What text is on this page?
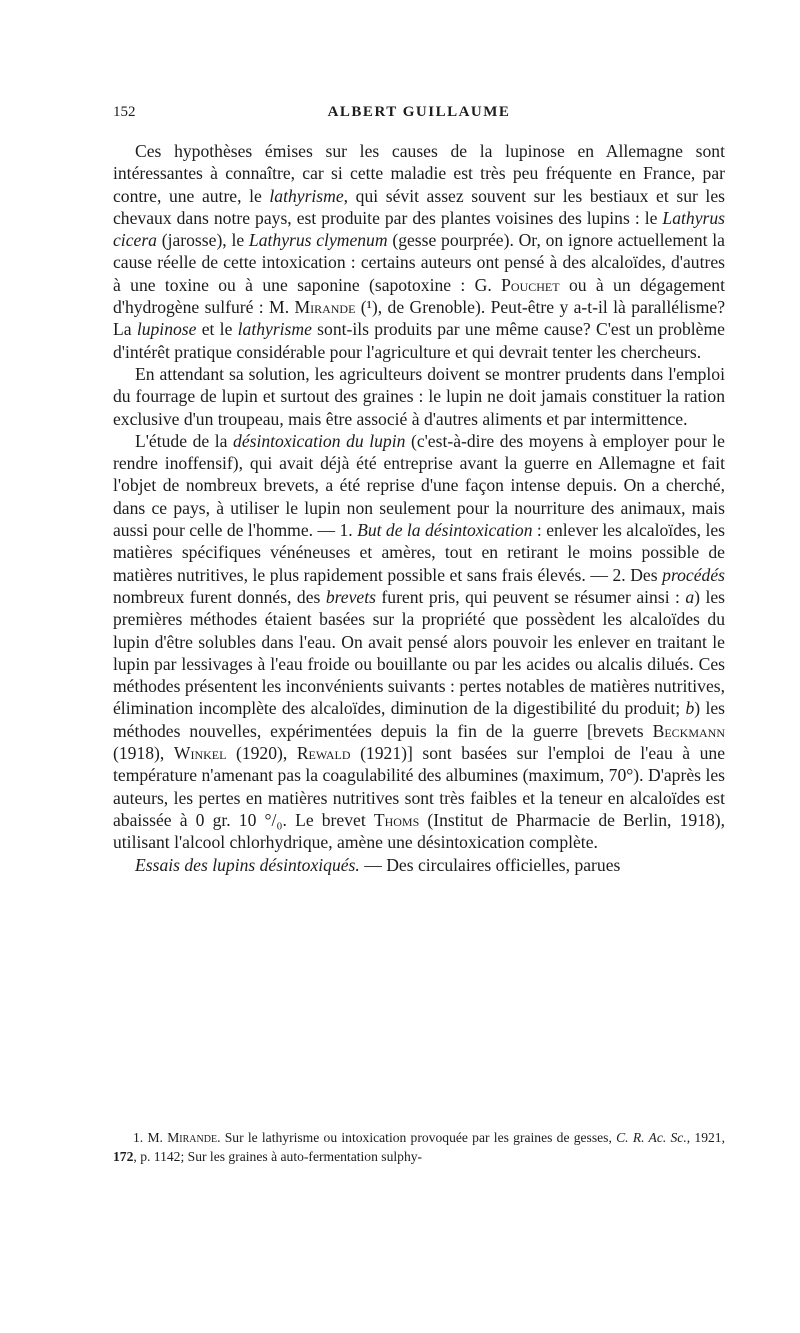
152	ALBERT GUILLAUME

Ces hypothèses émises sur les causes de la lupinose en Allemagne sont intéressantes à connaître, car si cette maladie est très peu fréquente en France, par contre, une autre, le lathyrisme, qui sévit assez souvent sur les bestiaux et sur les chevaux dans notre pays, est produite par des plantes voisines des lupins : le Lathyrus cicera (jarosse), le Lathyrus clymenum (gesse pourprée). Or, on ignore actuellement la cause réelle de cette intoxication : certains auteurs ont pensé à des alcaloïdes, d'autres à une toxine ou à une saponine (sapotoxine : G. Pouchet ou à un dégagement d'hydrogène sulfuré : M. Mirande (¹), de Grenoble). Peut-être y a-t-il là parallélisme? La lupinose et le lathyrisme sont-ils produits par une même cause? C'est un problème d'intérêt pratique considérable pour l'agriculture et qui devrait tenter les chercheurs.

En attendant sa solution, les agriculteurs doivent se montrer prudents dans l'emploi du fourrage de lupin et surtout des graines : le lupin ne doit jamais constituer la ration exclusive d'un troupeau, mais être associé à d'autres aliments et par intermittence.

L'étude de la désintoxication du lupin (c'est-à-dire des moyens à employer pour le rendre inoffensif), qui avait déjà été entreprise avant la guerre en Allemagne et fait l'objet de nombreux brevets, a été reprise d'une façon intense depuis. On a cherché, dans ce pays, à utiliser le lupin non seulement pour la nourriture des animaux, mais aussi pour celle de l'homme. — 1. But de la désintoxication : enlever les alcaloïdes, les matières spécifiques vénéneuses et amères, tout en retirant le moins possible de matières nutritives, le plus rapidement possible et sans frais élevés. — 2. Des procédés nombreux furent donnés, des brevets furent pris, qui peuvent se résumer ainsi : a) les premières méthodes étaient basées sur la propriété que possèdent les alcaloïdes du lupin d'être solubles dans l'eau. On avait pensé alors pouvoir les enlever en traitant le lupin par lessivages à l'eau froide ou bouillante ou par les acides ou alcalis dilués. Ces méthodes présentent les inconvénients suivants : pertes notables de matières nutritives, élimination incomplète des alcaloïdes, diminution de la digestibilité du produit; b) les méthodes nouvelles, expérimentées depuis la fin de la guerre [brevets Beckmann (1918), Winkel (1920), Rewald (1921)] sont basées sur l'emploi de l'eau à une température n'amenant pas la coagulabilité des albumines (maximum, 70°). D'après les auteurs, les pertes en matières nutritives sont très faibles et la teneur en alcaloïdes est abaissée à 0 gr. 10 °/₀. Le brevet Thoms (Institut de Pharmacie de Berlin, 1918), utilisant l'alcool chlorhydrique, amène une désintoxication complète.

Essais des lupins désintoxiqués. — Des circulaires officielles, parues

1. M. Mirande. Sur le lathyrisme ou intoxication provoquée par les graines de gesses, C. R. Ac. Sc., 1921, 172, p. 1142; Sur les graines à auto-fermentation sulphy-
